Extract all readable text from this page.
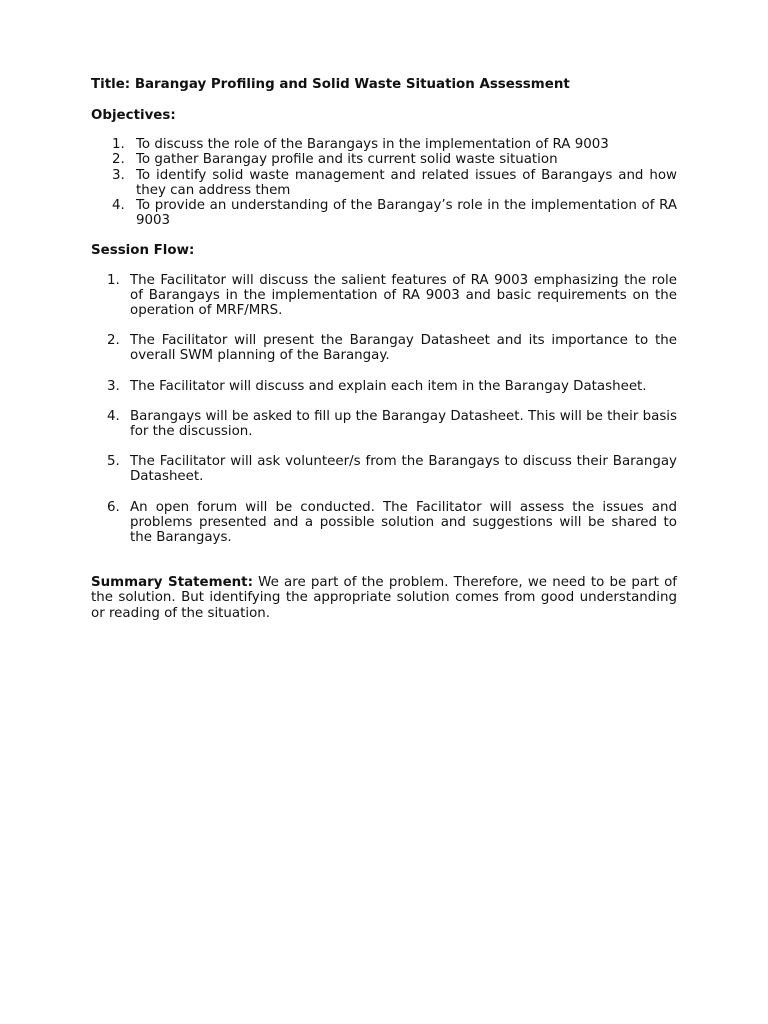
Title: Barangay Profiling and Solid Waste Situation Assessment

Objectives:

1. To discuss the role of the Barangays in the implementation of RA 9003
2. To gather Barangay profile and its current solid waste situation
3. To identify solid waste management and related issues of Barangays and how they can address them
4. To provide an understanding of the Barangay’s role in the implementation of RA 9003

Session Flow:

1. The Facilitator will discuss the salient features of RA 9003 emphasizing the role of Barangays in the implementation of RA 9003 and basic requirements on the operation of MRF/MRS.
2. The Facilitator will present the Barangay Datasheet and its importance to the overall SWM planning of the Barangay.
3. The Facilitator will discuss and explain each item in the Barangay Datasheet.
4. Barangays will be asked to fill up the Barangay Datasheet. This will be their basis for the discussion.
5. The Facilitator will ask volunteer/s from the Barangays to discuss their Barangay Datasheet.
6. An open forum will be conducted. The Facilitator will assess the issues and problems presented and a possible solution and suggestions will be shared to the Barangays.

Summary Statement: We are part of the problem. Therefore, we need to be part of the solution. But identifying the appropriate solution comes from good understanding or reading of the situation.
